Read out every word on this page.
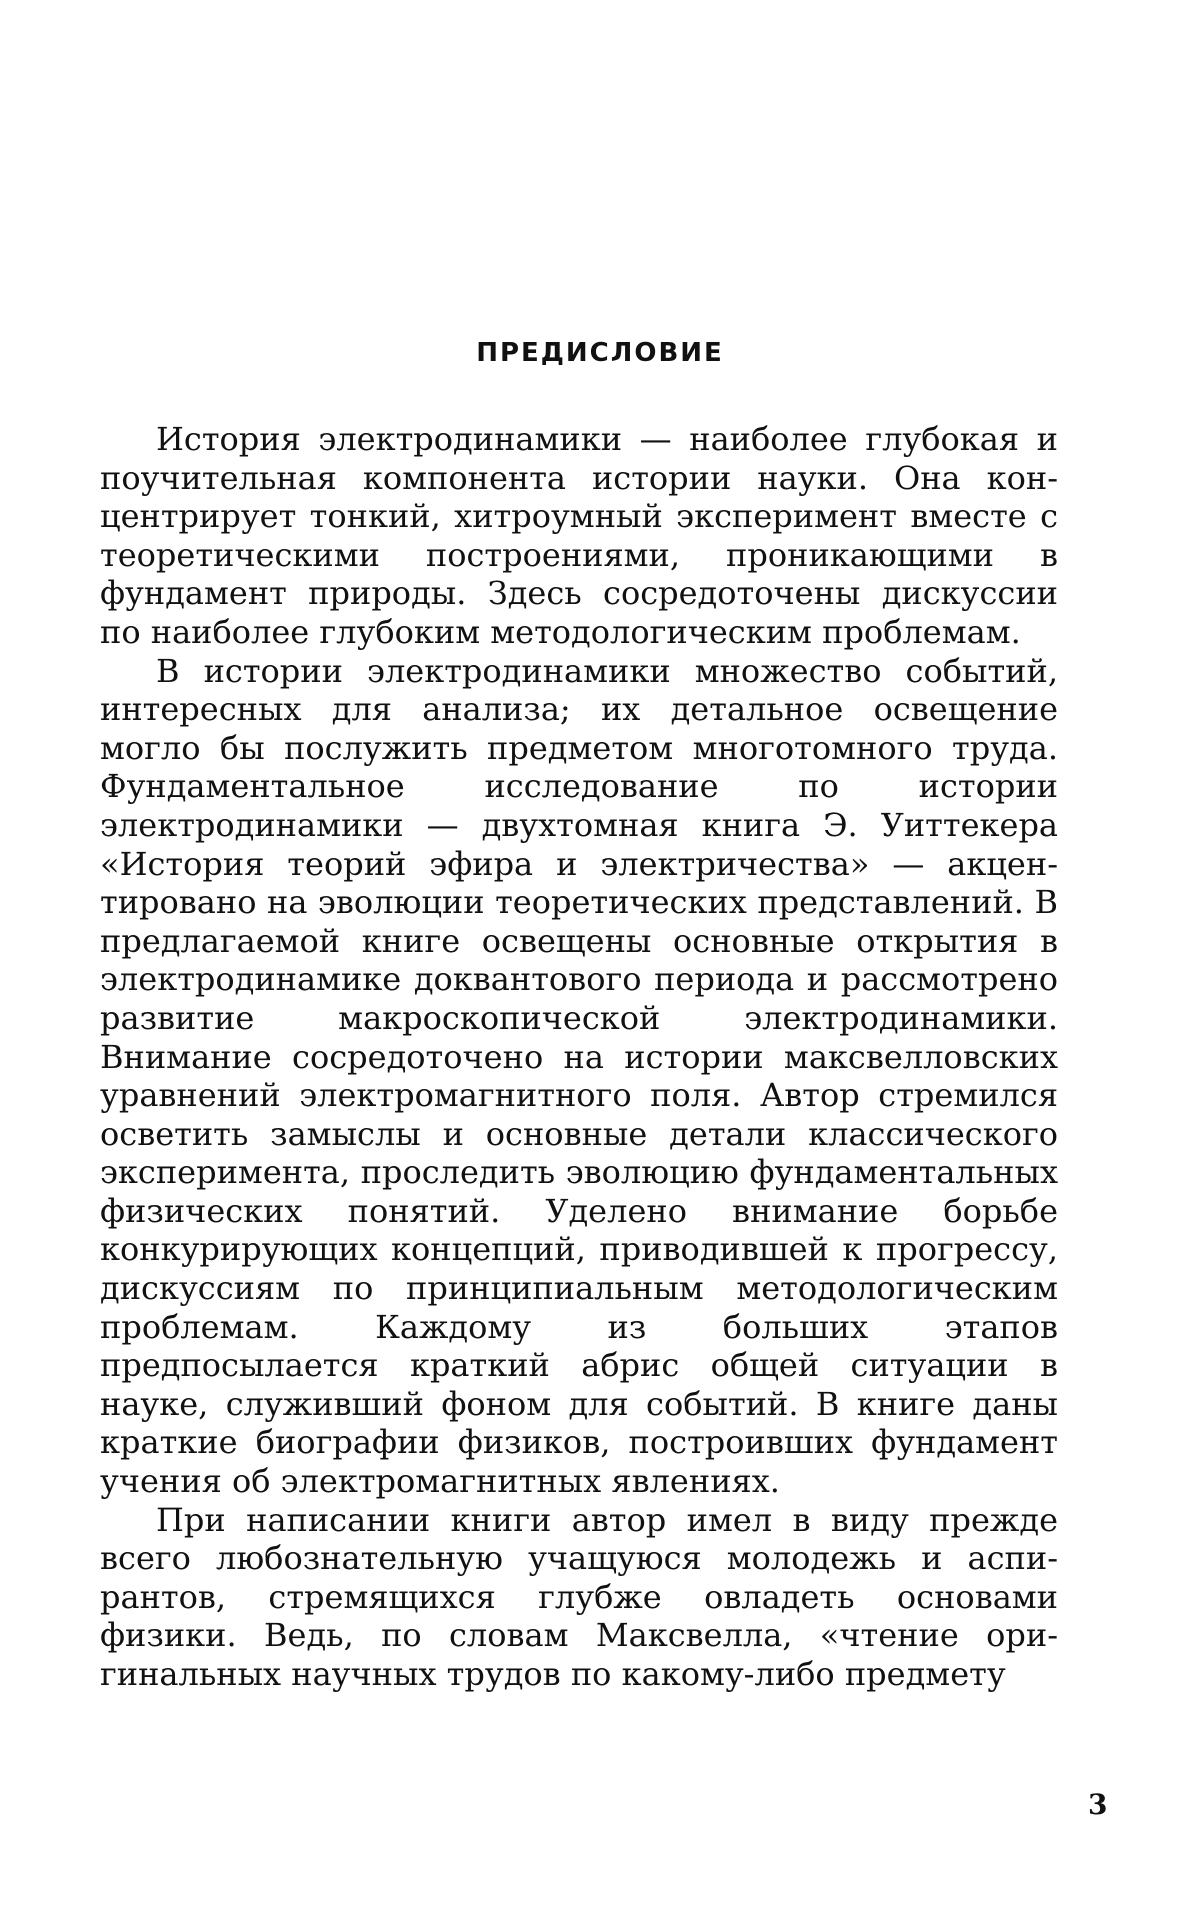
ПРЕДИСЛОВИЕ

История электродинамики — наиболее глубокая и поучительная компонента истории науки. Она концентрирует тонкий, хитроумный эксперимент вместе с теоретическими построениями, проникающими в фундамент природы. Здесь сосредоточены дискуссии по наиболее глубоким методологическим проблемам.

В истории электродинамики множество событий, интересных для анализа; их детальное освещение могло бы послужить предметом многотомного труда. Фундаментальное исследование по истории электродинамики — двухтомная книга Э. Уиттекера «История теорий эфира и электричества» — акцентировано на эволюции теоретических представлений. В предлагаемой книге освещены основные открытия в электродинамике доквантового периода и рассмотрено развитие макроскопической электродинамики. Внимание сосредоточено на истории максвелловских уравнений электромагнитного поля. Автор стремился осветить замыслы и основные детали классического эксперимента, проследить эволюцию фундаментальных физических понятий. Уделено внимание борьбе конкурирующих концепций, приводившей к прогрессу, дискуссиям по принципиальным методологическим проблемам. Каждому из больших этапов предпосылается краткий абрис общей ситуации в науке, служивший фоном для событий. В книге даны краткие биографии физиков, построивших фундамент учения об электромагнитных явлениях.

При написании книги автор имел в виду прежде всего любознательную учащуюся молодежь и аспирантов, стремящихся глубже овладеть основами физики. Ведь, по словам Максвелла, «чтение оригинальных научных трудов по какому-либо предмету

3
